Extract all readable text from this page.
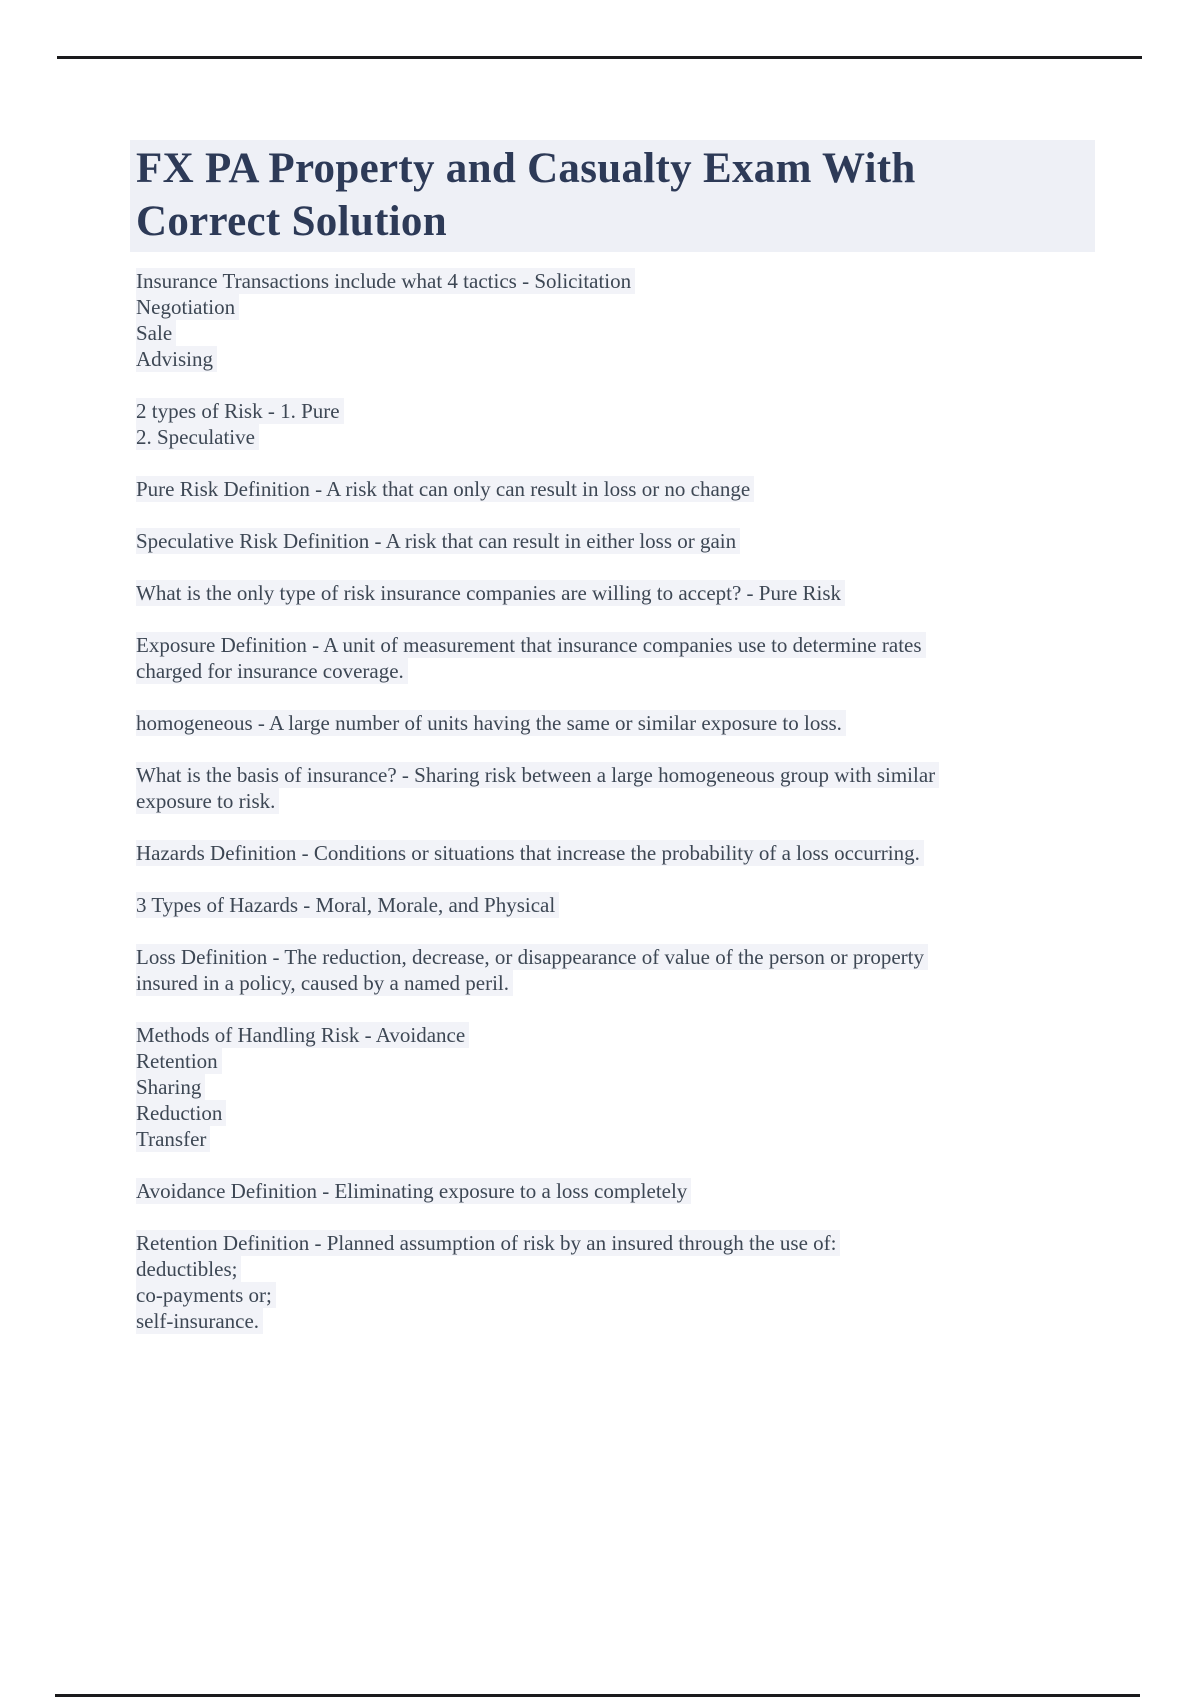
FX PA Property and Casualty Exam With
Correct Solution
Insurance Transactions include what 4 tactics - Solicitation
Negotiation
Sale
Advising
2 types of Risk - 1. Pure
2. Speculative
Pure Risk Definition - A risk that can only can result in loss or no change
Speculative Risk Definition - A risk that can result in either loss or gain
What is the only type of risk insurance companies are willing to accept? - Pure Risk
Exposure Definition - A unit of measurement that insurance companies use to determine rates
charged for insurance coverage.
homogeneous - A large number of units having the same or similar exposure to loss.
What is the basis of insurance? - Sharing risk between a large homogeneous group with similar
exposure to risk.
Hazards Definition - Conditions or situations that increase the probability of a loss occurring.
3 Types of Hazards - Moral, Morale, and Physical
Loss Definition - The reduction, decrease, or disappearance of value of the person or property
insured in a policy, caused by a named peril.
Methods of Handling Risk - Avoidance
Retention
Sharing
Reduction
Transfer
Avoidance Definition - Eliminating exposure to a loss completely
Retention Definition - Planned assumption of risk by an insured through the use of:
deductibles;
co-payments or;
self-insurance.
